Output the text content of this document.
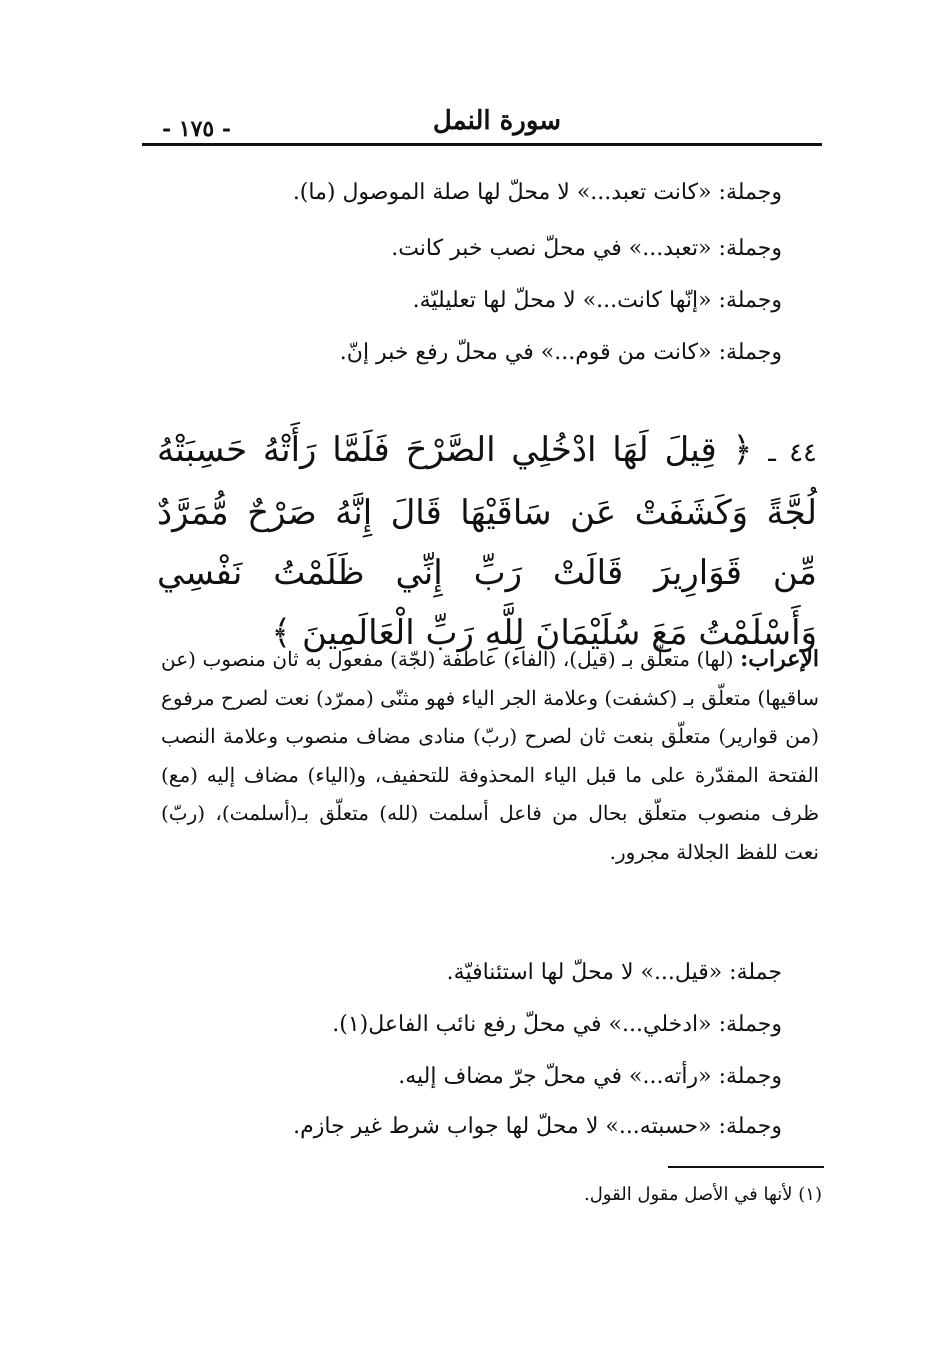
- ١٧٥ -	سورة النمل
وجملة: «كانت تعبد...» لا محلّ لها صلة الموصول (ما).
وجملة: «تعبد...» في محلّ نصب خبر كانت.
وجملة: «إنّها كانت...» لا محلّ لها تعليليّة.
وجملة: «كانت من قوم...» في محلّ رفع خبر إنّ.
٤٤ ـ ﴿ قِيلَ لَهَا ادْخُلِي الصَّرْحَ فَلَمَّا رَأَتْهُ حَسِبَتْهُ لُجَّةً وَكَشَفَتْ عَن سَاقَيْهَا قَالَ إِنَّهُ صَرْحٌ مُّمَرَّدٌ مِّن قَوَارِيرَ قَالَتْ رَبِّ إِنِّي ظَلَمْتُ نَفْسِي وَأَسْلَمْتُ مَعَ سُلَيْمَانَ لِلَّهِ رَبِّ الْعَالَمِينَ ﴾
الإعراب: (لها) متعلّق بـ (قيل)، (الفاء) عاطفة (لجّة) مفعول به ثان منصوب (عن ساقيها) متعلّق بـ (كشفت) وعلامة الجر الياء فهو مثنّى (ممرّد) نعت لصرح مرفوع (من قوارير) متعلّق بنعت ثان لصرح (ربّ) منادى مضاف منصوب وعلامة النصب الفتحة المقدّرة على ما قبل الياء المحذوفة للتحفيف، و(الياء) مضاف إليه (مع) ظرف منصوب متعلّق بحال من فاعل أسلمت (لله) متعلّق بـ(أسلمت)، (ربّ) نعت للفظ الجلالة مجرور.
جملة: «قيل...» لا محلّ لها استئنافيّة.
وجملة: «ادخلي...» في محلّ رفع نائب الفاعل(١).
وجملة: «رأته...» في محلّ جرّ مضاف إليه.
وجملة: «حسبته...» لا محلّ لها جواب شرط غير جازم.
(١) لأنها في الأصل مقول القول.
